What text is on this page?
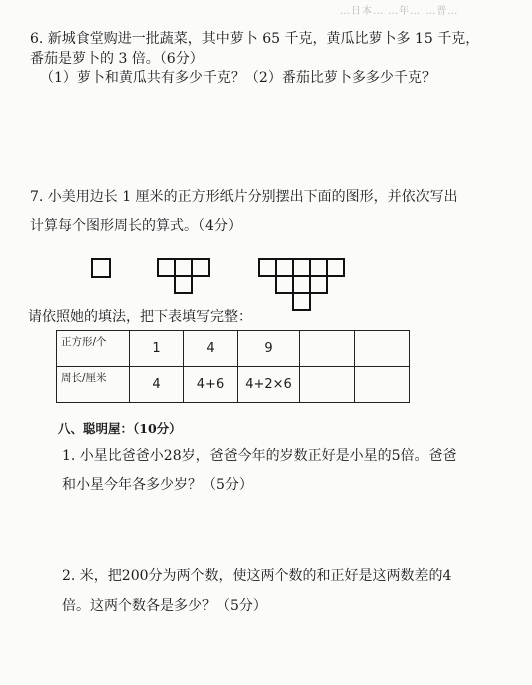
…日本… …年… …普…
6. 新城食堂购进一批蔬菜，其中萝卜 65 千克，黄瓜比萝卜多 15 千克，
番茄是萝卜的 3 倍。（6分）
（1）萝卜和黄瓜共有多少千克？（2）番茄比萝卜多多少千克？
7. 小美用边长 1 厘米的正方形纸片分别摆出下面的图形，并依次写出
计算每个图形周长的算式。（4分）
请依照她的填法，把下表填写完整：
正方形/个	1	4	9		
周长/厘米	4	4+6	4+2×6		
八、聪明屋：（10分）
1. 小星比爸爸小28岁，爸爸今年的岁数正好是小星的5倍。爸爸
和小星今年各多少岁？（5分）
2. 米，把200分为两个数，使这两个数的和正好是这两数差的4
倍。这两个数各是多少？（5分）
